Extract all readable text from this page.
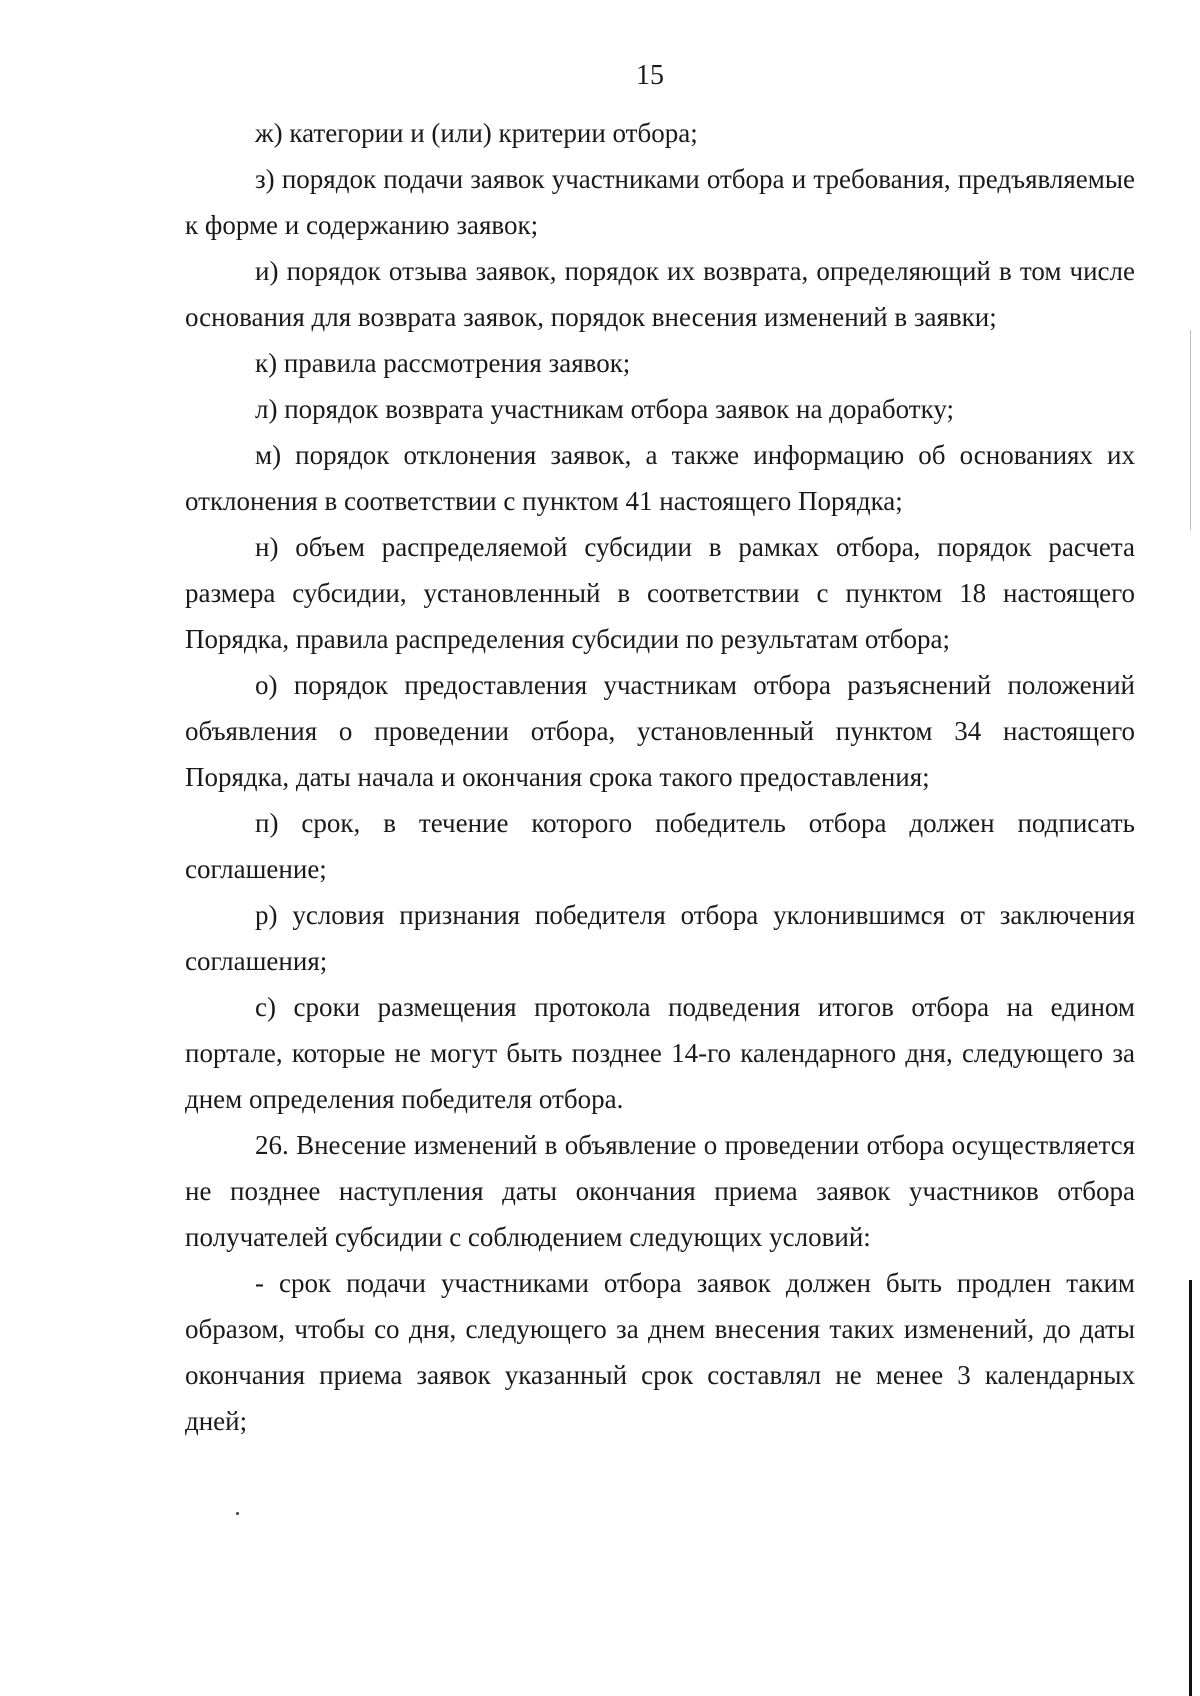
15

ж) категории и (или) критерии отбора;

з) порядок подачи заявок участниками отбора и требования, предъявляемые к форме и содержанию заявок;

и) порядок отзыва заявок, порядок их возврата, определяющий в том числе основания для возврата заявок, порядок внесения изменений в заявки;

к) правила рассмотрения заявок;

л) порядок возврата участникам отбора заявок на доработку;

м) порядок отклонения заявок, а также информацию об основаниях их отклонения в соответствии с пунктом 41 настоящего Порядка;

н) объем распределяемой субсидии в рамках отбора, порядок расчета размера субсидии, установленный в соответствии с пунктом 18 настоящего Порядка, правила распределения субсидии по результатам отбора;

о) порядок предоставления участникам отбора разъяснений положений объявления о проведении отбора, установленный пунктом 34 настоящего Порядка, даты начала и окончания срока такого предоставления;

п) срок, в течение которого победитель отбора должен подписать соглашение;

р) условия признания победителя отбора уклонившимся от заключения соглашения;

с) сроки размещения протокола подведения итогов отбора на едином портале, которые не могут быть позднее 14-го календарного дня, следующего за днем определения победителя отбора.

26. Внесение изменений в объявление о проведении отбора осуществляется не позднее наступления даты окончания приема заявок участников отбора получателей субсидии с соблюдением следующих условий:

- срок подачи участниками отбора заявок должен быть продлен таким образом, чтобы со дня, следующего за днем внесения таких изменений, до даты окончания приема заявок указанный срок составлял не менее 3 календарных дней;
